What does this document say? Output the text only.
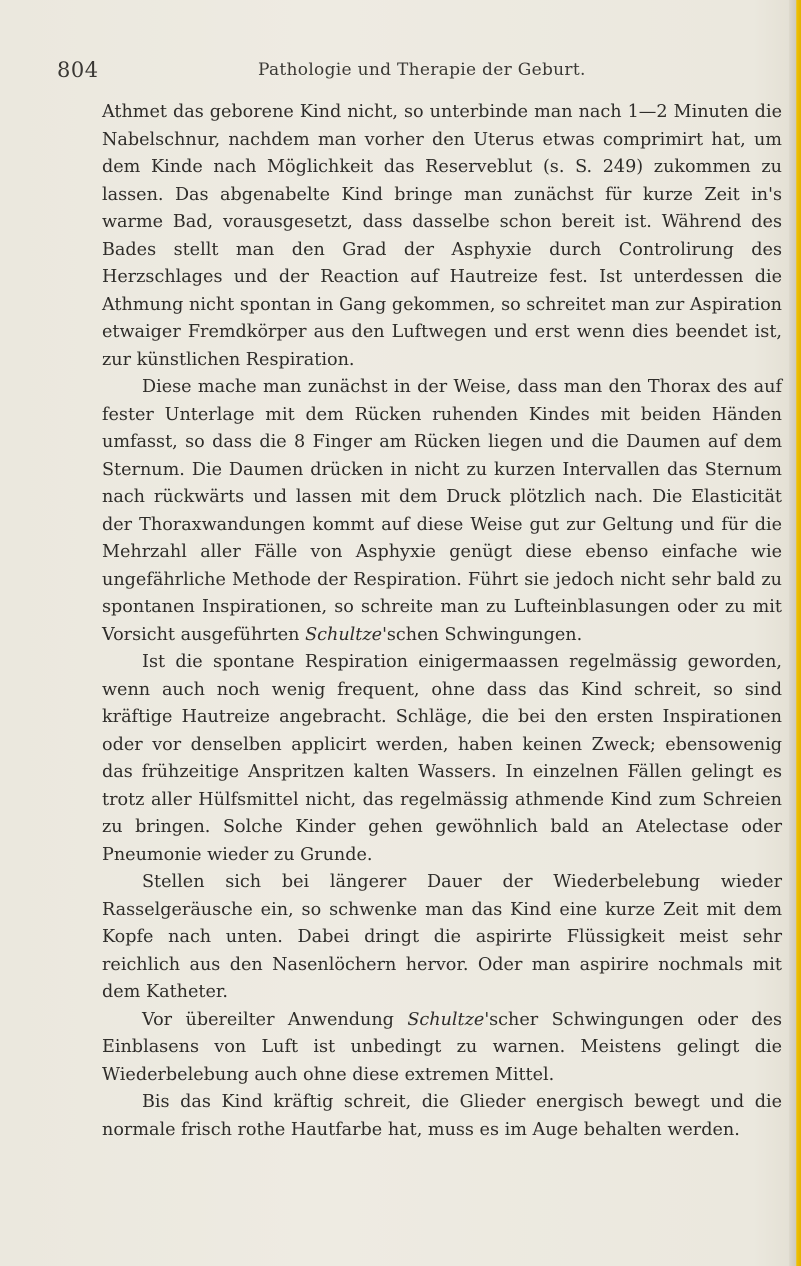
804	Pathologie und Therapie der Geburt.

Athmet das geborene Kind nicht, so unterbinde man nach 1—2 Minuten die Nabelschnur, nachdem man vorher den Uterus etwas comprimirt hat, um dem Kinde nach Möglichkeit das Reserveblut (s. S. 249) zukommen zu lassen. Das abgenabelte Kind bringe man zunächst für kurze Zeit in's warme Bad, vorausgesetzt, dass dasselbe schon bereit ist. Während des Bades stellt man den Grad der Asphyxie durch Controlirung des Herzschlages und der Reaction auf Hautreize fest. Ist unterdessen die Athmung nicht spontan in Gang gekommen, so schreitet man zur Aspiration etwaiger Fremdkörper aus den Luftwegen und erst wenn dies beendet ist, zur künstlichen Respiration.

Diese mache man zunächst in der Weise, dass man den Thorax des auf fester Unterlage mit dem Rücken ruhenden Kindes mit beiden Händen umfasst, so dass die 8 Finger am Rücken liegen und die Daumen auf dem Sternum. Die Daumen drücken in nicht zu kurzen Intervallen das Sternum nach rückwärts und lassen mit dem Druck plötzlich nach. Die Elasticität der Thoraxwandungen kommt auf diese Weise gut zur Geltung und für die Mehrzahl aller Fälle von Asphyxie genügt diese ebenso einfache wie ungefährliche Methode der Respiration. Führt sie jedoch nicht sehr bald zu spontanen Inspirationen, so schreite man zu Lufteinblasungen oder zu mit Vorsicht ausgeführten Schultze'schen Schwingungen.

Ist die spontane Respiration einigermaassen regelmässig geworden, wenn auch noch wenig frequent, ohne dass das Kind schreit, so sind kräftige Hautreize angebracht. Schläge, die bei den ersten Inspirationen oder vor denselben applicirt werden, haben keinen Zweck; ebensowenig das frühzeitige Anspritzen kalten Wassers. In einzelnen Fällen gelingt es trotz aller Hülfsmittel nicht, das regelmässig athmende Kind zum Schreien zu bringen. Solche Kinder gehen gewöhnlich bald an Atelectase oder Pneumonie wieder zu Grunde.

Stellen sich bei längerer Dauer der Wiederbelebung wieder Rasselgeräusche ein, so schwenke man das Kind eine kurze Zeit mit dem Kopfe nach unten. Dabei dringt die aspirirte Flüssigkeit meist sehr reichlich aus den Nasenlöchern hervor. Oder man aspirire nochmals mit dem Katheter.

Vor übereilter Anwendung Schultze'scher Schwingungen oder des Einblasens von Luft ist unbedingt zu warnen. Meistens gelingt die Wiederbelebung auch ohne diese extremen Mittel.

Bis das Kind kräftig schreit, die Glieder energisch bewegt und die normale frisch rothe Hautfarbe hat, muss es im Auge behalten werden.
